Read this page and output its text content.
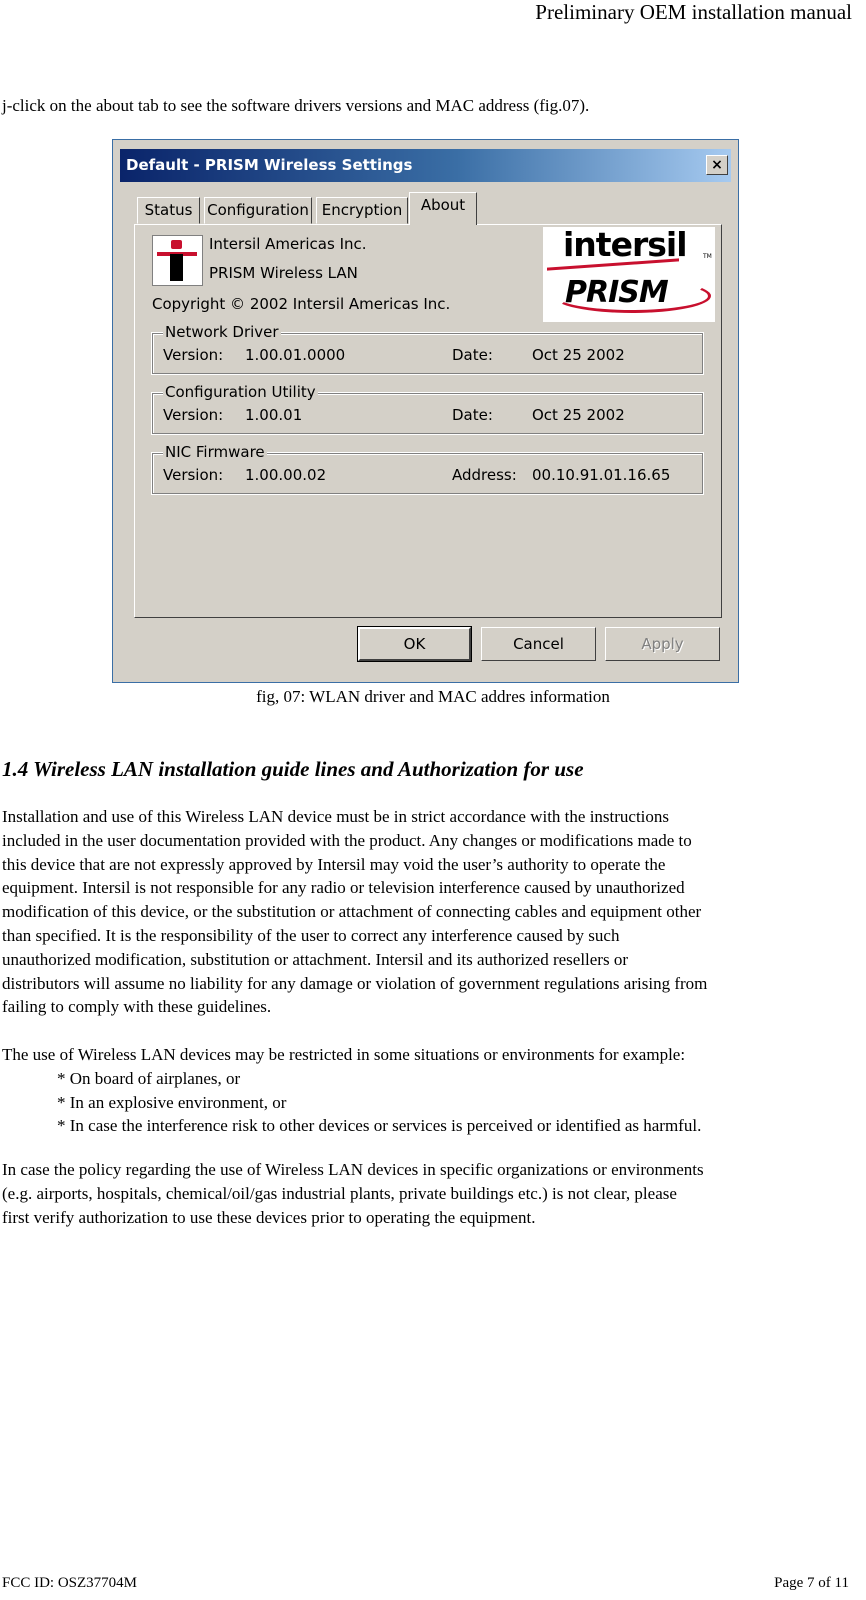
Preliminary OEM installation manual
j-click on the about tab to see the software drivers versions and MAC address (fig.07).
Default - PRISM Wireless Settings	×
Status Configuration Encryption	About
Intersil Americas Inc.
PRISM Wireless LAN
Copyright © 2002 Intersil Americas Inc.
intersil	TM
PRISM
Network Driver
Version: 1.00.01.0000	Date:	Oct 25 2002
Configuration Utility
Version: 1.00.01	Date:	Oct 25 2002
NIC Firmware
Version: 1.00.00.02	Address: 00.10.91.01.16.65
OK	Cancel	Apply
fig, 07: WLAN driver and MAC addres information
1.4 Wireless LAN installation guide lines and Authorization for use
Installation and use of this Wireless LAN device must be in strict accordance with the instructions
included in the user documentation provided with the product. Any changes or modifications made to
this device that are not expressly approved by Intersil may void the user’s authority to operate the
equipment. Intersil is not responsible for any radio or television interference caused by unauthorized
modification of this device, or the substitution or attachment of connecting cables and equipment other
than specified. It is the responsibility of the user to correct any interference caused by such
unauthorized modification, substitution or attachment. Intersil and its authorized resellers or
distributors will assume no liability for any damage or violation of government regulations arising from
failing to comply with these guidelines.
The use of Wireless LAN devices may be restricted in some situations or environments for example:
* On board of airplanes, or
* In an explosive environment, or
* In case the interference risk to other devices or services is perceived or identified as harmful.
In case the policy regarding the use of Wireless LAN devices in specific organizations or environments
(e.g. airports, hospitals, chemical/oil/gas industrial plants, private buildings etc.) is not clear, please
first verify authorization to use these devices prior to operating the equipment.
FCC ID: OSZ37704M	Page 7 of 11
